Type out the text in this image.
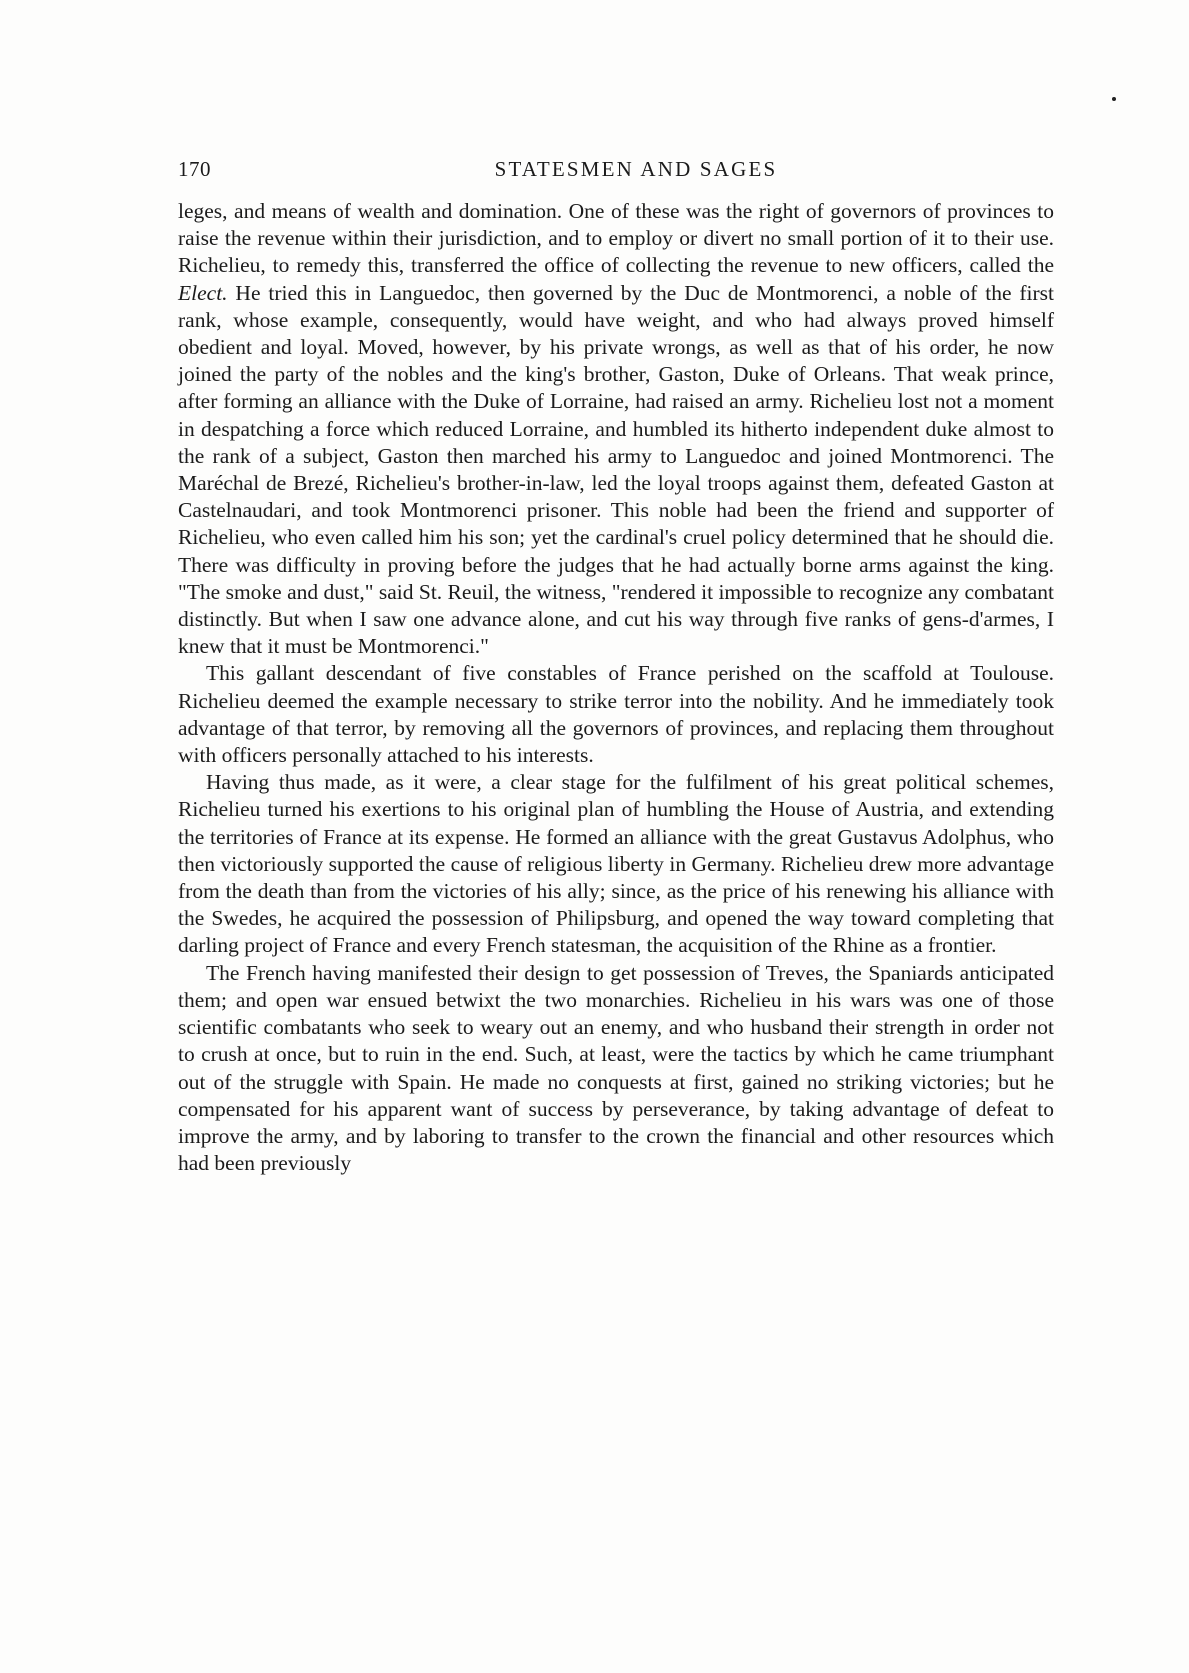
170	STATESMEN AND SAGES

leges, and means of wealth and domination. One of these was the right of governors of provinces to raise the revenue within their jurisdiction, and to employ or divert no small portion of it to their use. Richelieu, to remedy this, transferred the office of collecting the revenue to new officers, called the Elect. He tried this in Languedoc, then governed by the Duc de Montmorenci, a noble of the first rank, whose example, consequently, would have weight, and who had always proved himself obedient and loyal. Moved, however, by his private wrongs, as well as that of his order, he now joined the party of the nobles and the king's brother, Gaston, Duke of Orleans. That weak prince, after forming an alliance with the Duke of Lorraine, had raised an army. Richelieu lost not a moment in despatching a force which reduced Lorraine, and humbled its hitherto independent duke almost to the rank of a subject, Gaston then marched his army to Languedoc and joined Montmorenci. The Maréchal de Brezé, Richelieu's brother-in-law, led the loyal troops against them, defeated Gaston at Castelnaudari, and took Montmorenci prisoner. This noble had been the friend and supporter of Richelieu, who even called him his son; yet the cardinal's cruel policy determined that he should die. There was difficulty in proving before the judges that he had actually borne arms against the king. "The smoke and dust," said St. Reuil, the witness, "rendered it impossible to recognize any combatant distinctly. But when I saw one advance alone, and cut his way through five ranks of gens-d'armes, I knew that it must be Montmorenci."

This gallant descendant of five constables of France perished on the scaffold at Toulouse. Richelieu deemed the example necessary to strike terror into the nobility. And he immediately took advantage of that terror, by removing all the governors of provinces, and replacing them throughout with officers personally attached to his interests.

Having thus made, as it were, a clear stage for the fulfilment of his great political schemes, Richelieu turned his exertions to his original plan of humbling the House of Austria, and extending the territories of France at its expense. He formed an alliance with the great Gustavus Adolphus, who then victoriously supported the cause of religious liberty in Germany. Richelieu drew more advantage from the death than from the victories of his ally; since, as the price of his renewing his alliance with the Swedes, he acquired the possession of Philipsburg, and opened the way toward completing that darling project of France and every French statesman, the acquisition of the Rhine as a frontier.

The French having manifested their design to get possession of Treves, the Spaniards anticipated them; and open war ensued betwixt the two monarchies. Richelieu in his wars was one of those scientific combatants who seek to weary out an enemy, and who husband their strength in order not to crush at once, but to ruin in the end. Such, at least, were the tactics by which he came triumphant out of the struggle with Spain. He made no conquests at first, gained no striking victories; but he compensated for his apparent want of success by perseverance, by taking advantage of defeat to improve the army, and by laboring to transfer to the crown the financial and other resources which had been previously
